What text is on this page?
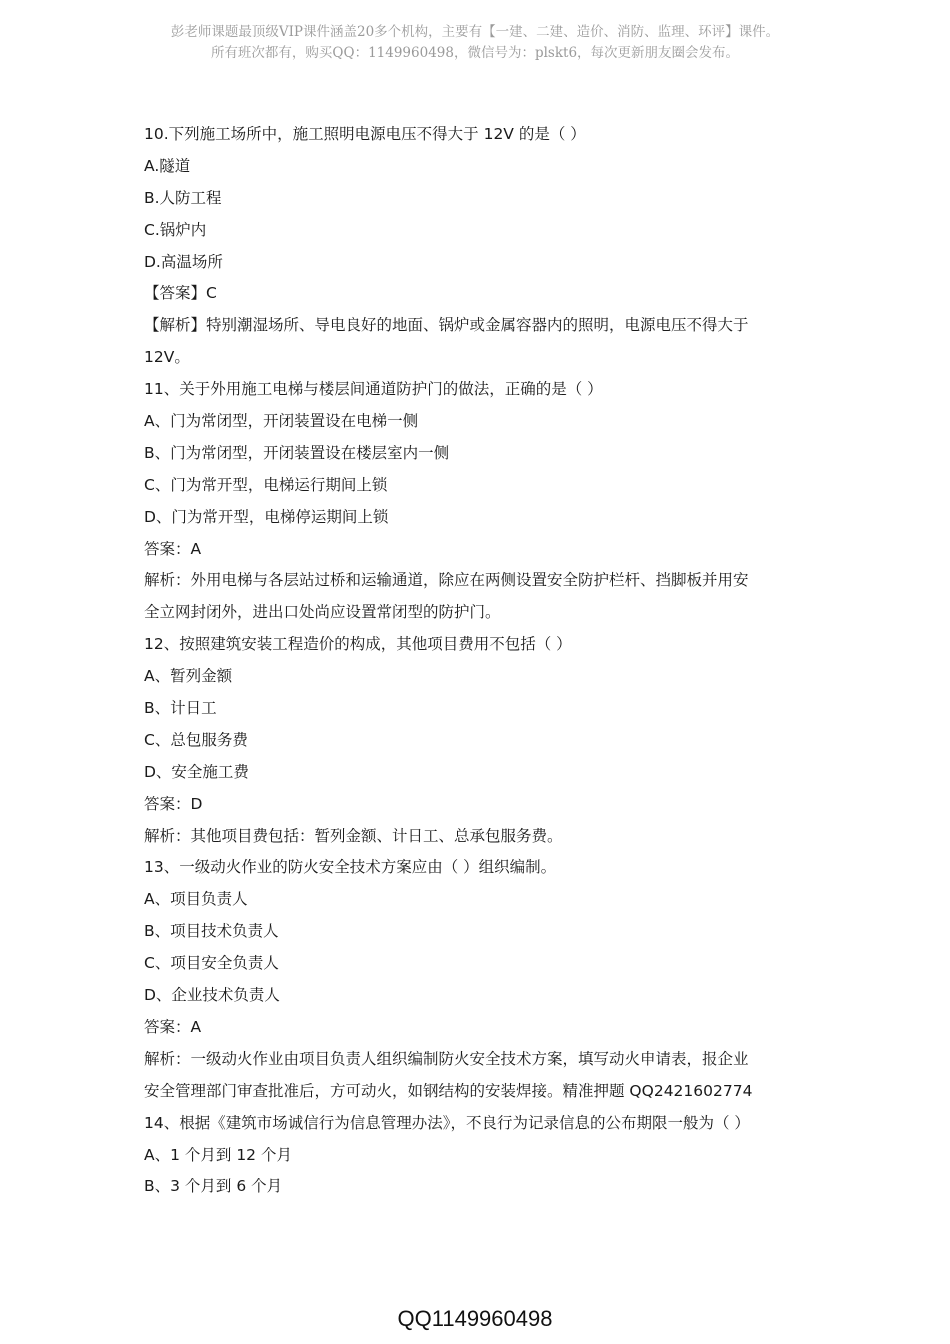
彭老师课题最顶级VIP课件涵盖20多个机构，主要有【一建、二建、造价、消防、监理、环评】课件。
所有班次都有，购买QQ：1149960498，微信号为：plskt6，每次更新朋友圈会发布。
10.下列施工场所中，施工照明电源电压不得大于 12V 的是（ ）
A.隧道
B.人防工程
C.锅炉内
D.高温场所
【答案】C
【解析】特别潮湿场所、导电良好的地面、锅炉或金属容器内的照明，电源电压不得大于
12V。
11、关于外用施工电梯与楼层间通道防护门的做法，正确的是（ ）
A、门为常闭型，开闭装置设在电梯一侧
B、门为常闭型，开闭装置设在楼层室内一侧
C、门为常开型，电梯运行期间上锁
D、门为常开型，电梯停运期间上锁
答案：A
解析：外用电梯与各层站过桥和运输通道，除应在两侧设置安全防护栏杆、挡脚板并用安
全立网封闭外，进出口处尚应设置常闭型的防护门。
12、按照建筑安装工程造价的构成，其他项目费用不包括（ ）
A、暂列金额
B、计日工
C、总包服务费
D、安全施工费
答案：D
解析：其他项目费包括：暂列金额、计日工、总承包服务费。
13、一级动火作业的防火安全技术方案应由（ ）组织编制。
A、项目负责人
B、项目技术负责人
C、项目安全负责人
D、企业技术负责人
答案：A
解析：一级动火作业由项目负责人组织编制防火安全技术方案，填写动火申请表，报企业
安全管理部门审查批准后，方可动火，如钢结构的安装焊接。精准押题 QQ2421602774
14、根据《建筑市场诚信行为信息管理办法》，不良行为记录信息的公布期限一般为（ ）
A、1 个月到 12 个月
B、3 个月到 6 个月
QQ1149960498
